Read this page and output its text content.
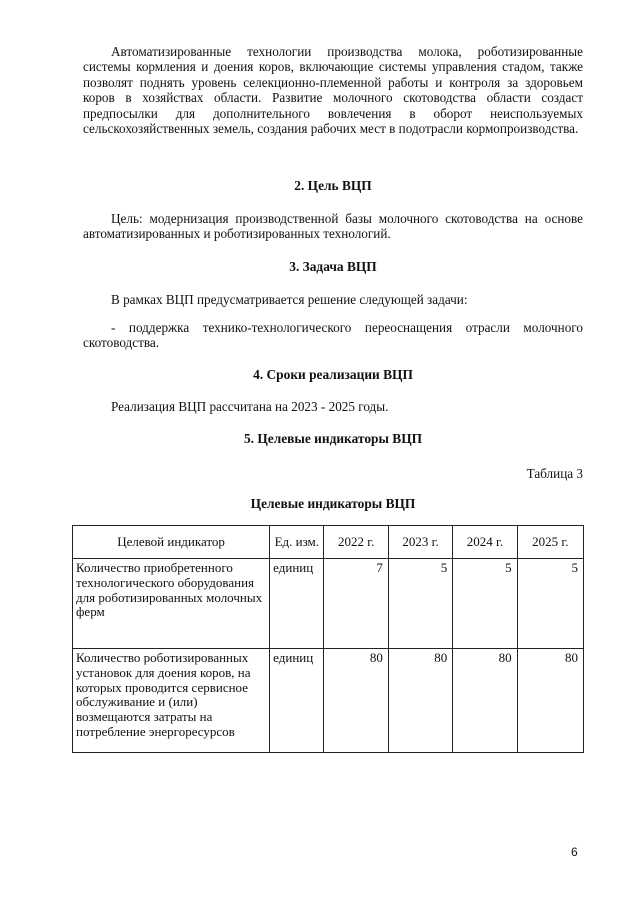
Автоматизированные технологии производства молока, роботизированные системы кормления и доения коров, включающие системы управления стадом, также позволят поднять уровень селекционно-племенной работы и контроля за здоровьем коров в хозяйствах области. Развитие молочного скотоводства области создаст предпосылки для дополнительного вовлечения в оборот неиспользуемых сельскохозяйственных земель, создания рабочих мест в подотрасли кормопроизводства.

2. Цель ВЦП

Цель: модернизация производственной базы молочного скотоводства на основе автоматизированных и роботизированных технологий.

3. Задача ВЦП

В рамках ВЦП предусматривается решение следующей задачи:

- поддержка технико-технологического переоснащения отрасли молочного скотоводства.

4. Сроки реализации ВЦП

Реализация ВЦП рассчитана на 2023 - 2025 годы.

5. Целевые индикаторы ВЦП

Таблица 3

Целевые индикаторы ВЦП

Целевой индикатор	Ед. изм.	2022 г.	2023 г.	2024 г.	2025 г.
Количество приобретенного технологического оборудования для роботизированных молочных ферм	единиц	7	5	5	5
Количество роботизированных установок для доения коров, на которых проводится сервисное обслуживание и (или) возмещаются затраты на потребление энергоресурсов	единиц	80	80	80	80
6
